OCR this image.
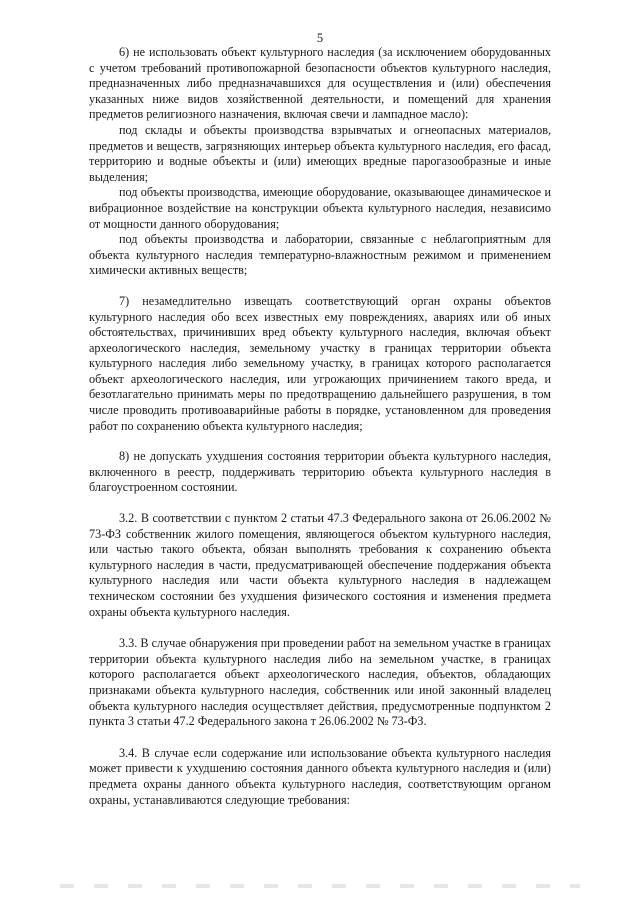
5

6) не использовать объект культурного наследия (за исключением оборудованных с учетом требований противопожарной безопасности объектов культурного наследия, предназначенных либо предназначавшихся для осуществления и (или) обеспечения указанных ниже видов хозяйственной деятельности, и помещений для хранения предметов религиозного назначения, включая свечи и лампадное масло):

под склады и объекты производства взрывчатых и огнеопасных материалов, предметов и веществ, загрязняющих интерьер объекта культурного наследия, его фасад, территорию и водные объекты и (или) имеющих вредные парогазообразные и иные выделения;

под объекты производства, имеющие оборудование, оказывающее динамическое и вибрационное воздействие на конструкции объекта культурного наследия, независимо от мощности данного оборудования;

под объекты производства и лаборатории, связанные с неблагоприятным для объекта культурного наследия температурно-влажностным режимом и применением химически активных веществ;

7) незамедлительно извещать соответствующий орган охраны объектов культурного наследия обо всех известных ему повреждениях, авариях или об иных обстоятельствах, причинивших вред объекту культурного наследия, включая объект археологического наследия, земельному участку в границах территории объекта культурного наследия либо земельному участку, в границах которого располагается объект археологического наследия, или угрожающих причинением такого вреда, и безотлагательно принимать меры по предотвращению дальнейшего разрушения, в том числе проводить противоаварийные работы в порядке, установленном для проведения работ по сохранению объекта культурного наследия;

8) не допускать ухудшения состояния территории объекта культурного наследия, включенного в реестр, поддерживать территорию объекта культурного наследия в благоустроенном состоянии.

3.2. В соответствии с пунктом 2 статьи 47.3 Федерального закона от 26.06.2002 № 73-ФЗ собственник жилого помещения, являющегося объектом культурного наследия, или частью такого объекта, обязан выполнять требования к сохранению объекта культурного наследия в части, предусматривающей обеспечение поддержания объекта культурного наследия или части объекта культурного наследия в надлежащем техническом состоянии без ухудшения физического состояния и изменения предмета охраны объекта культурного наследия.

3.3. В случае обнаружения при проведении работ на земельном участке в границах территории объекта культурного наследия либо на земельном участке, в границах которого располагается объект археологического наследия, объектов, обладающих признаками объекта культурного наследия, собственник или иной законный владелец объекта культурного наследия осуществляет действия, предусмотренные подпунктом 2 пункта 3 статьи 47.2 Федерального закона т 26.06.2002 № 73-ФЗ.

3.4. В случае если содержание или использование объекта культурного наследия может привести к ухудшению состояния данного объекта культурного наследия и (или) предмета охраны данного объекта культурного наследия, соответствующим органом охраны, устанавливаются следующие требования:
